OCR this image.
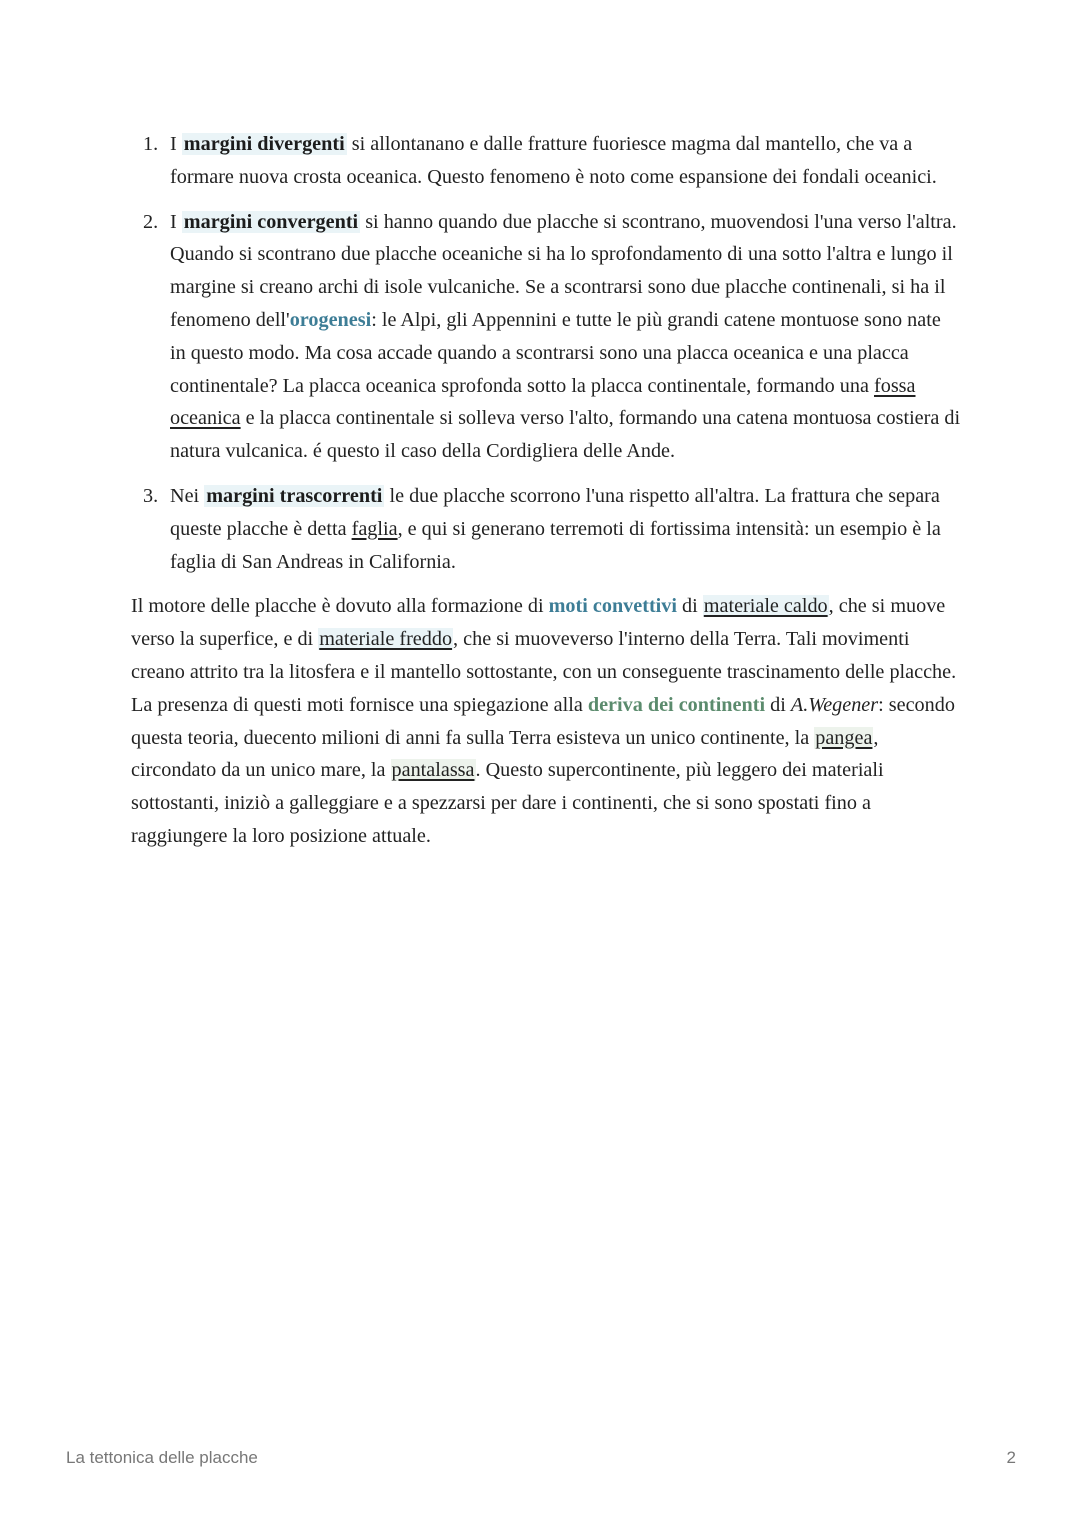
1. I margini divergenti si allontanano e dalle fratture fuoriesce magma dal mantello, che va a formare nuova crosta oceanica. Questo fenomeno è noto come espansione dei fondali oceanici.
2. I margini convergenti si hanno quando due placche si scontrano, muovendosi l'una verso l'altra. Quando si scontrano due placche oceaniche si ha lo sprofondamento di una sotto l'altra e lungo il margine si creano archi di isole vulcaniche. Se a scontrarsi sono due placche continenali, si ha il fenomeno dell'orogenesi: le Alpi, gli Appennini e tutte le più grandi catene montuose sono nate in questo modo. Ma cosa accade quando a scontrarsi sono una placca oceanica e una placca continentale? La placca oceanica sprofonda sotto la placca continentale, formando una fossa oceanica e la placca continentale si solleva verso l'alto, formando una catena montuosa costiera di natura vulcanica. é questo il caso della Cordigliera delle Ande.
3. Nei margini trascorrenti le due placche scorrono l'una rispetto all'altra. La frattura che separa queste placche è detta faglia, e qui si generano terremoti di fortissima intensità: un esempio è la faglia di San Andreas in California.

Il motore delle placche è dovuto alla formazione di moti convettivi di materiale caldo, che si muove verso la superfice, e di materiale freddo, che si muoveverso l'interno della Terra. Tali movimenti creano attrito tra la litosfera e il mantello sottostante, con un conseguente trascinamento delle placche. La presenza di questi moti fornisce una spiegazione alla deriva dei continenti di A.Wegener: secondo questa teoria, duecento milioni di anni fa sulla Terra esisteva un unico continente, la pangea, circondato da un unico mare, la pantalassa. Questo supercontinente, più leggero dei materiali sottostanti, iniziò a galleggiare e a spezzarsi per dare i continenti, che si sono spostati fino a raggiungere la loro posizione attuale.

La tettonica delle placche	2
